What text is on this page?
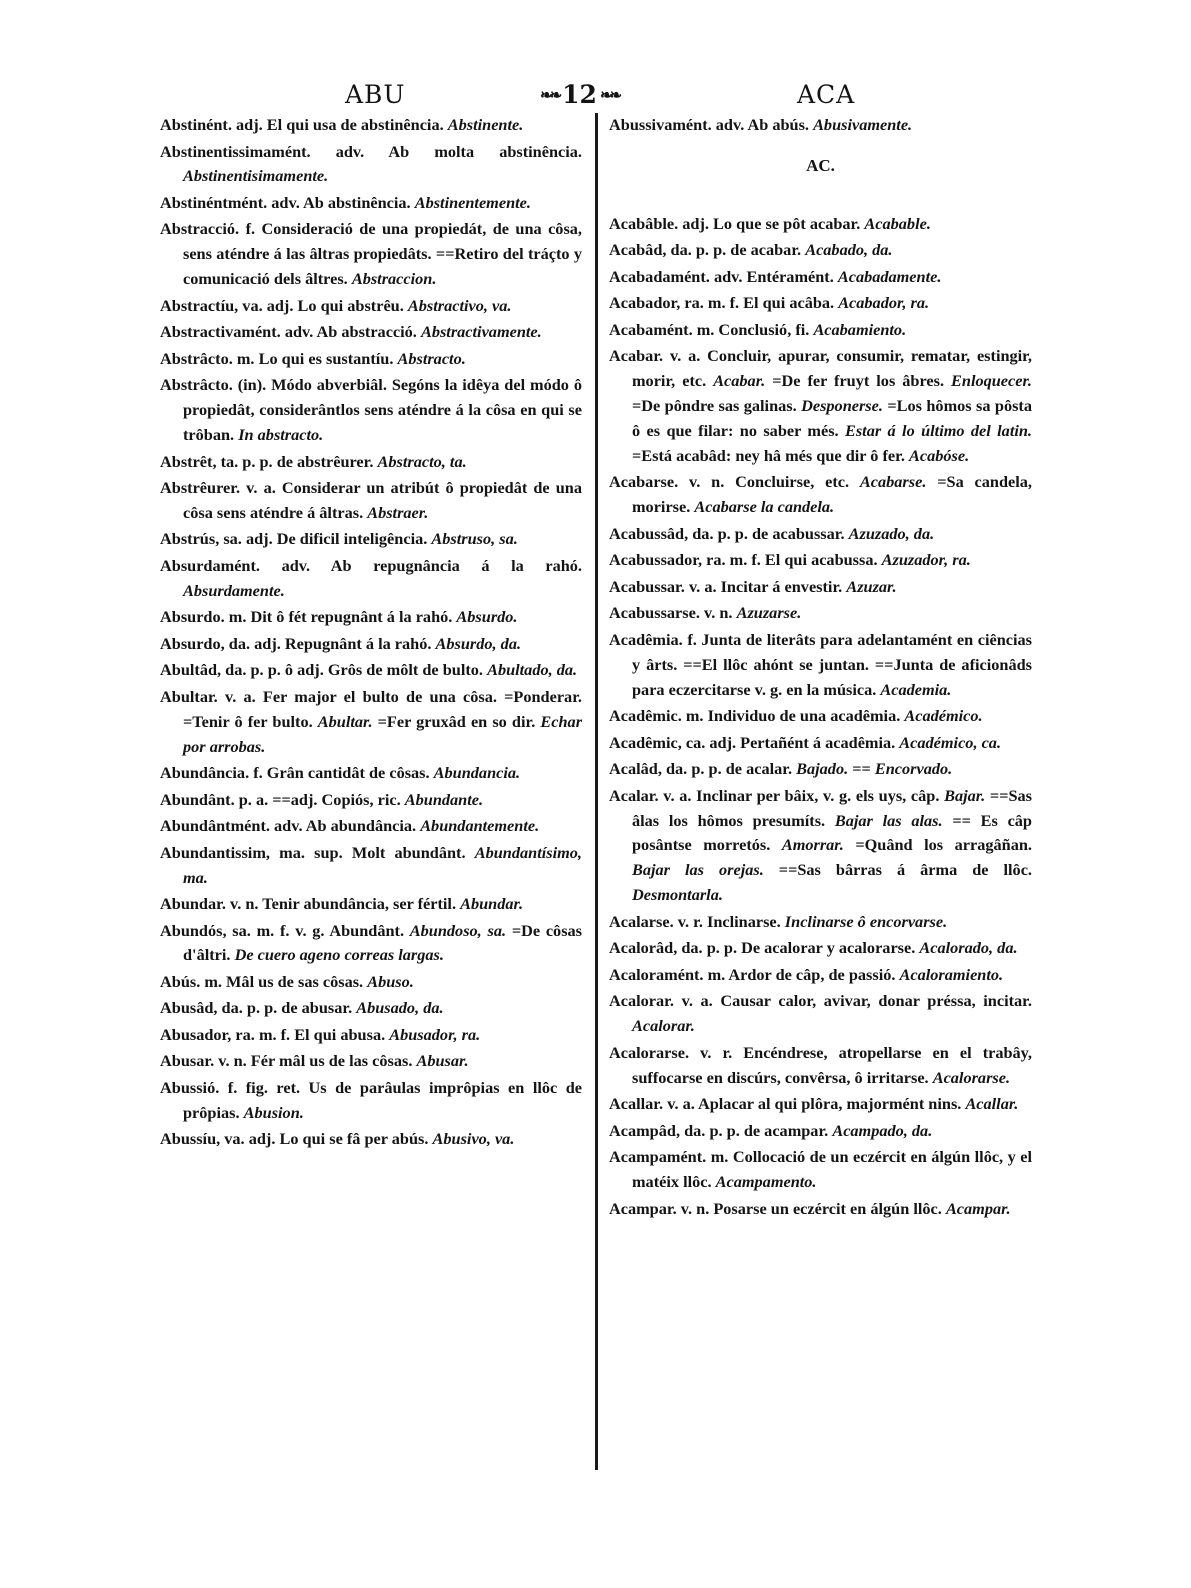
ABU	❧❧ 12 ❧❧	ACA

Abstinént. adj. El qui usa de abstinência. Abstinente.

Abstinentissimamént. adv. Ab molta abstinência. Abstinentisimamente.

Abstinéntmént. adv. Ab abstinência. Abstinentemente.

Abstracció. f. Consideració de una propiedát, de una côsa, sens aténdre á las âltras propiedâts. ==Retiro del tráçto y comunicació dels âltres. Abstraccion.

Abstractíu, va. adj. Lo qui abstrêu. Abstractivo, va.

Abstractivamént. adv. Ab abstracció. Abstractivamente.

Abstrâcto. m. Lo qui es sustantíu. Abstracto.

Abstrâcto. (in). Módo abverbiâl. Segóns la idêya del módo ô propiedât, considerântlos sens aténdre á la côsa en qui se trôban. In abstracto.

Abstrêt, ta. p. p. de abstrêurer. Abstracto, ta.

Abstrêurer. v. a. Considerar un atribút ô propiedât de una côsa sens aténdre á âltras. Abstraer.

Abstrús, sa. adj. De dificil inteligência. Abstruso, sa.

Absurdamént. adv. Ab repugnância á la rahó. Absurdamente.

Absurdo. m. Dit ô fét repugnânt á la rahó. Absurdo.

Absurdo, da. adj. Repugnânt á la rahó. Absurdo, da.

Abultâd, da. p. p. ô adj. Grôs de môlt de bulto. Abultado, da.

Abultar. v. a. Fer major el bulto de una côsa. =Ponderar. =Tenir ô fer bulto. Abultar. =Fer gruxâd en so dir. Echar por arrobas.

Abundância. f. Grân cantidât de côsas. Abundancia.

Abundânt. p. a. ==adj. Copiós, ric. Abundante.

Abundântmént. adv. Ab abundância. Abundantemente.

Abundantissim, ma. sup. Molt abundânt. Abundantísimo, ma.

Abundar. v. n. Tenir abundância, ser fértil. Abundar.

Abundós, sa. m. f. v. g. Abundânt. Abundoso, sa. =De côsas d'âltri. De cuero ageno correas largas.

Abús. m. Mâl us de sas côsas. Abuso.

Abusâd, da. p. p. de abusar. Abusado, da.

Abusador, ra. m. f. El qui abusa. Abusador, ra.

Abusar. v. n. Fér mâl us de las côsas. Abusar.

Abussió. f. fig. ret. Us de parâulas imprôpias en llôc de prôpias. Abusion.

Abussíu, va. adj. Lo qui se fâ per abús. Abusivo, va.

Abussivamént. adv. Ab abús. Abusivamente.

AC.

Acabâble. adj. Lo que se pôt acabar. Acabable.

Acabâd, da. p. p. de acabar. Acabado, da.

Acabadamént. adv. Entéramént. Acabadamente.

Acabador, ra. m. f. El qui acâba. Acabador, ra.

Acabamént. m. Conclusió, fi. Acabamiento.

Acabar. v. a. Concluir, apurar, consumir, rematar, estingir, morir, etc. Acabar. =De fer fruyt los âbres. Enloquecer. =De pôndre sas galinas. Desponerse. =Los hômos sa pôsta ô es que filar: no saber més. Estar á lo último del latin. =Está acabâd: ney hâ més que dir ô fer. Acabóse.

Acabarse. v. n. Concluirse, etc. Acabarse. =Sa candela, morirse. Acabarse la candela.

Acabussâd, da. p. p. de acabussar. Azuzado, da.

Acabussador, ra. m. f. El qui acabussa. Azuzador, ra.

Acabussar. v. a. Incitar á envestir. Azuzar.

Acabussarse. v. n. Azuzarse.

Acadêmia. f. Junta de literâts para adelantamént en ciências y ârts. ==El llôc ahónt se juntan. ==Junta de aficionâds para eczercitarse v. g. en la música. Academia.

Acadêmic. m. Individuo de una acadêmia. Académico.

Acadêmic, ca. adj. Pertañént á acadêmia. Académico, ca.

Acalâd, da. p. p. de acalar. Bajado. == Encorvado.

Acalar. v. a. Inclinar per bâix, v. g. els uys, câp. Bajar. ==Sas âlas los hômos presumíts. Bajar las alas. == Es câp posântse morretós. Amorrar. =Quând los arragâñan. Bajar las orejas. ==Sas bârras á ârma de llôc. Desmontarla.

Acalarse. v. r. Inclinarse. Inclinarse ô encorvarse.

Acalorâd, da. p. p. De acalorar y acalorarse. Acalorado, da.

Acaloramént. m. Ardor de câp, de passió. Acaloramiento.

Acalorar. v. a. Causar calor, avivar, donar préssa, incitar. Acalorar.

Acalorarse. v. r. Encéndrese, atropellarse en el trabây, suffocarse en discúrs, convêrsa, ô irritarse. Acalorarse.

Acallar. v. a. Aplacar al qui plôra, majormént nins. Acallar.

Acampâd, da. p. p. de acampar. Acampado, da.

Acampamént. m. Collocació de un eczércit en álgún llôc, y el matéix llôc. Acampamento.

Acampar. v. n. Posarse un eczércit en álgún llôc. Acampar.
